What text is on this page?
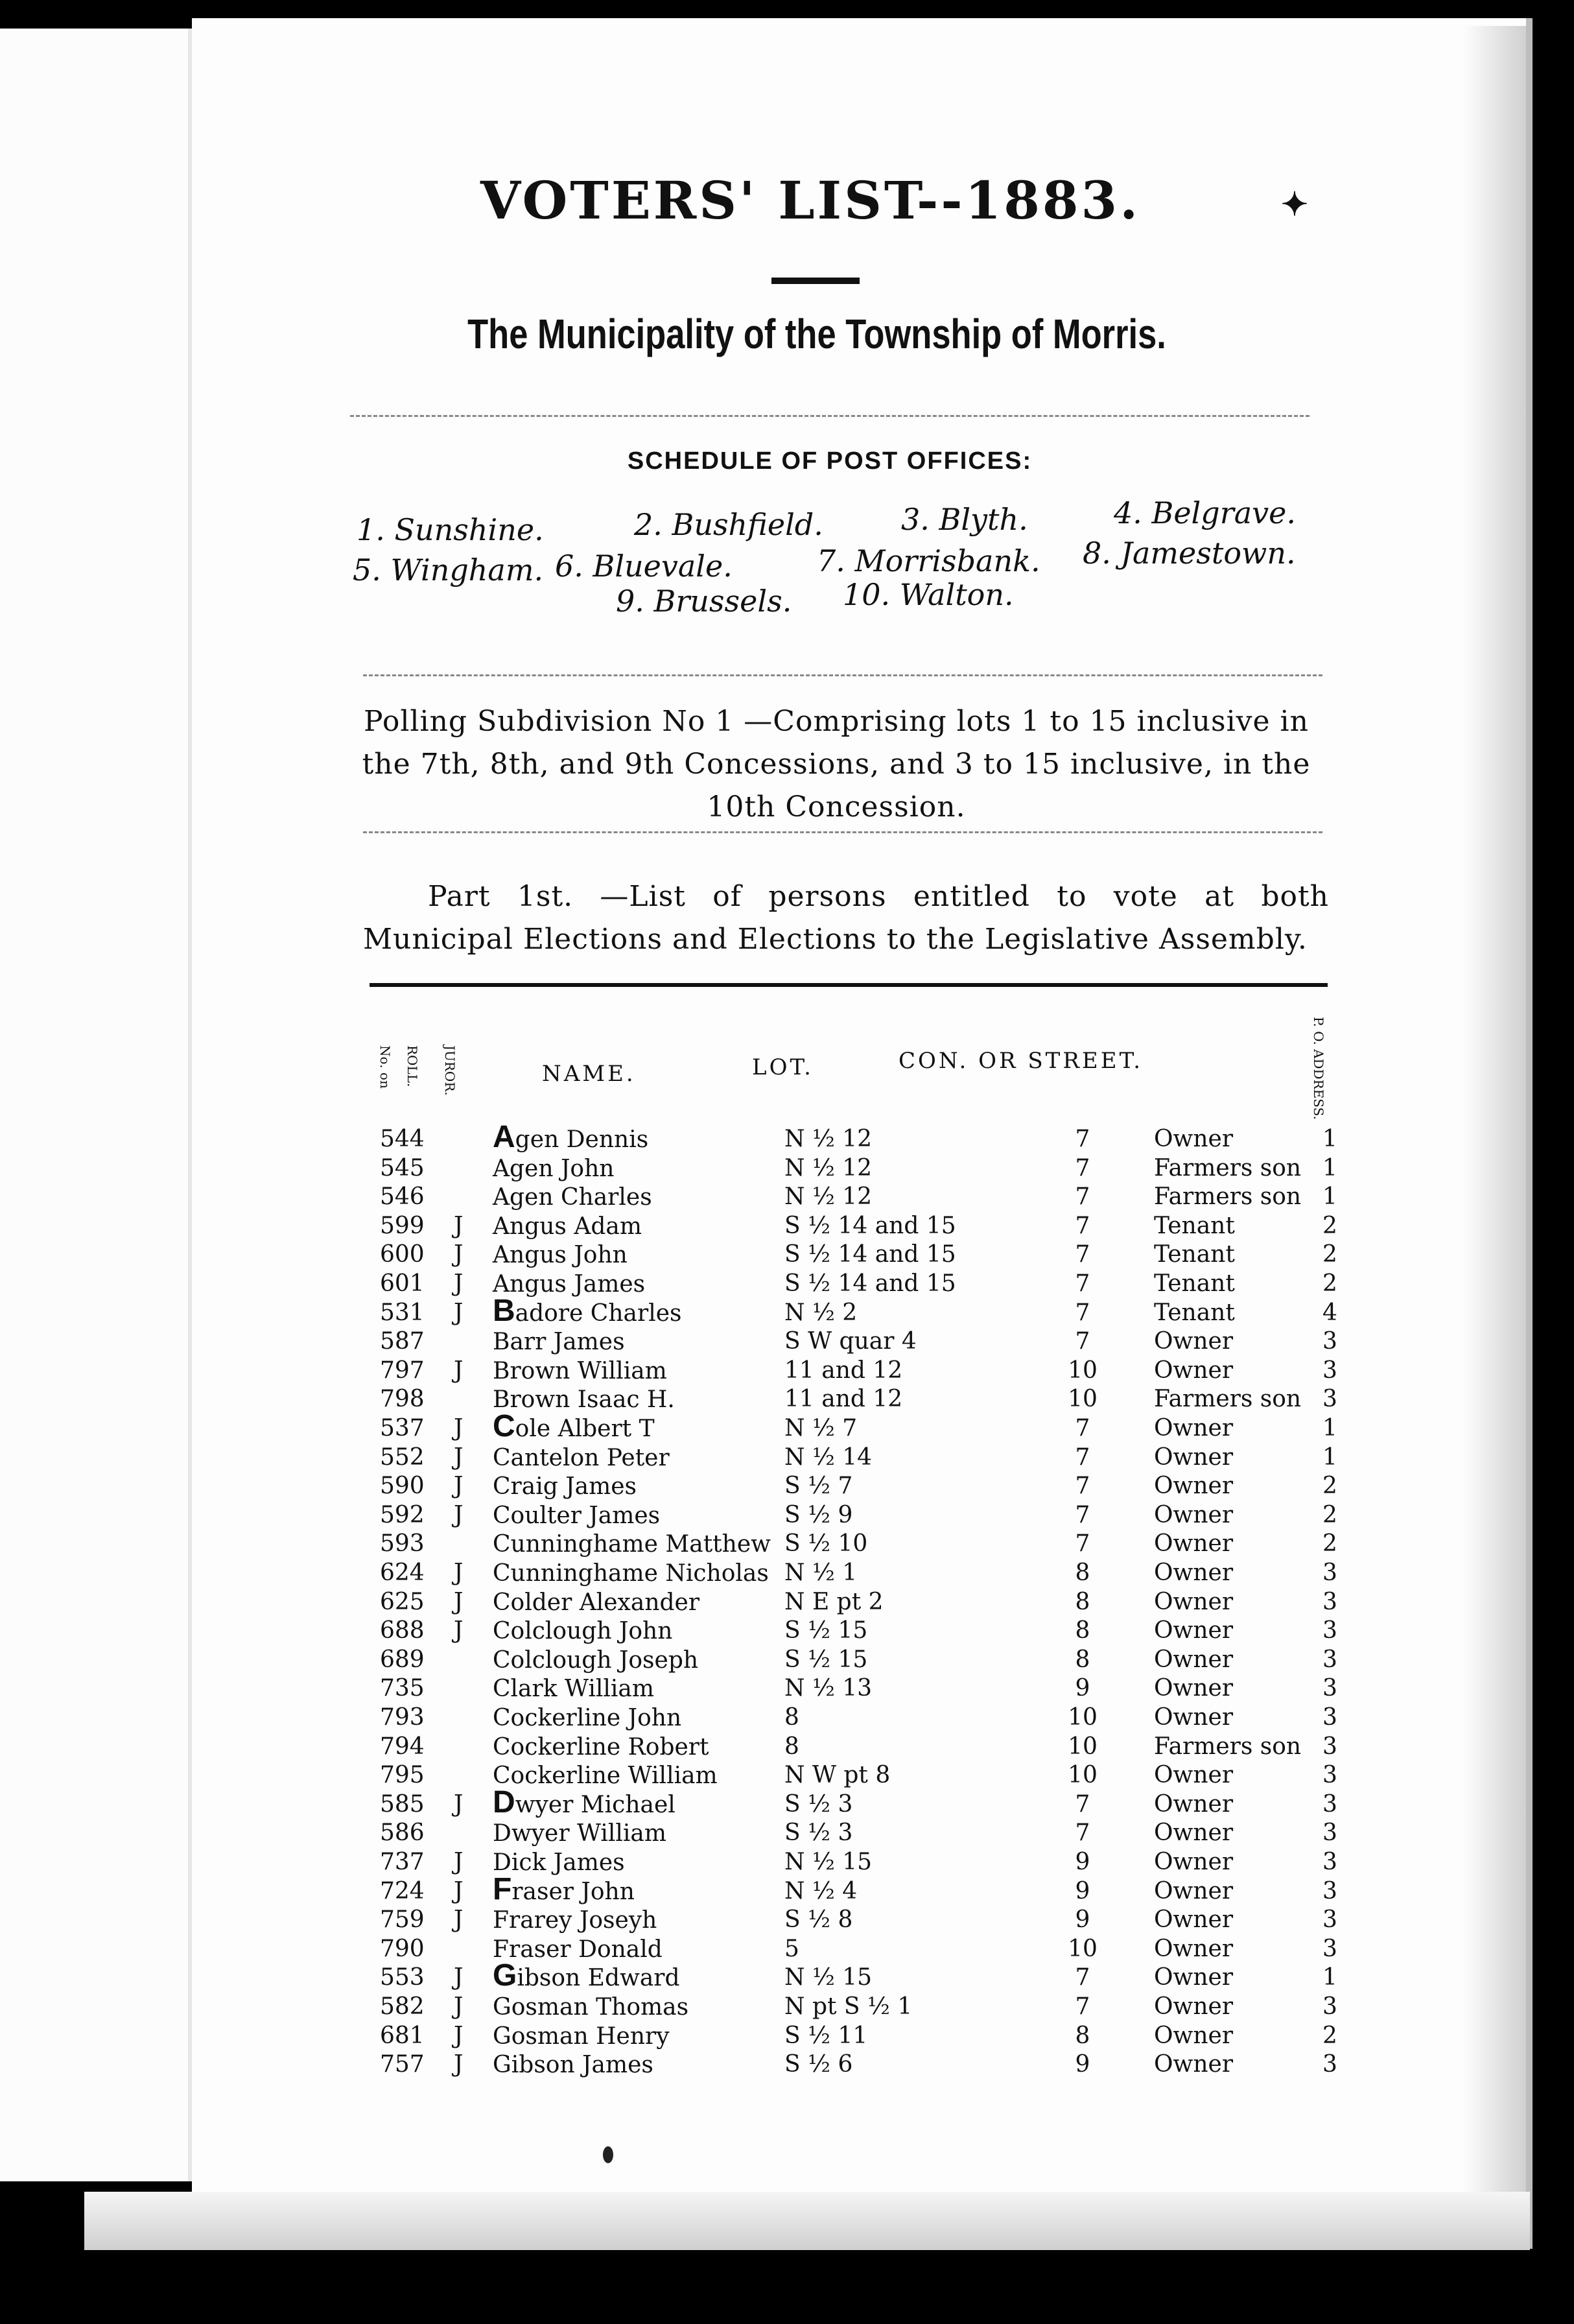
VOTERS' LIST--1883.	✦
The Municipality of the Township of Morris.
SCHEDULE OF POST OFFICES:
1. Sunshine.	2. Bushfield.	3. Blyth.	4. Belgrave.
5. Wingham. 6. Bluevale.	7. Morrisbank. 8. Jamestown.
9. Brussels. 10. Walton.
Polling Subdivision No 1 —Comprising lots 1 to 15 inclusive in the 7th, 8th, and 9th Concessions, and 3 to 15 inclusive, in the 10th Concession.
Part 1st. —List of persons entitled to vote at both Municipal Elections and Elections to the Legislative Assembly.
No. on ROLL. JUROR.	NAME.	LOT.	CON. OR STREET.	P. O. ADDRESS.
544 Agen Dennis	N ½ 12	7	Owner	1
545	Agen John	N ½ 12	7	Farmers son 1
546	Agen Charles	N ½ 12	7	Farmers son 1
599 J Angus Adam	S ½ 14 and 15	7	Tenant	2
600 J Angus John	S ½ 14 and 15	7	Tenant	2
601 J Angus James	S ½ 14 and 15	7	Tenant	2
531 J Badore Charles	N ½ 2	7	Tenant	4
587	Barr James	S W quar 4	7	Owner	3
797 J Brown William	11 and 12	10 Owner	3
798	Brown Isaac H.	11 and 12	10 Farmers son 3
537 J Cole Albert T	N ½ 7	7	Owner	1
552 J Cantelon Peter	N ½ 14	7	Owner	1
590 J Craig James	S ½ 7	7	Owner	2
592 J Coulter James	S ½ 9	7	Owner	2
593	Cunninghame Matthew S ½ 10	7	Owner	2
624 J Cunninghame Nicholas N ½ 1	8	Owner	3
625 J Colder Alexander	N E pt 2	8	Owner	3
688 J Colclough John	S ½ 15	8	Owner	3
689	Colclough Joseph	S ½ 15	8	Owner	3
735	Clark William	N ½ 13	9	Owner	3
793	Cockerline John	8	10 Owner	3
794	Cockerline Robert	8	10 Farmers son 3
795	Cockerline William	N W pt 8	10 Owner	3
585 J Dwyer Michael	S ½ 3	7	Owner	3
586	Dwyer William	S ½ 3	7	Owner	3
737 J Dick James	N ½ 15	9	Owner	3
724 J Fraser John	N ½ 4	9	Owner	3
759 J Frarey Joseyh	S ½ 8	9	Owner	3
790	Fraser Donald	5	10 Owner	3
553 J Gibson Edward	N ½ 15	7	Owner	1
582 J Gosman Thomas	N pt S ½ 1	7	Owner	3
681 J Gosman Henry	S ½ 11	8	Owner	2
757 J Gibson James	S ½ 6	9	Owner	3
